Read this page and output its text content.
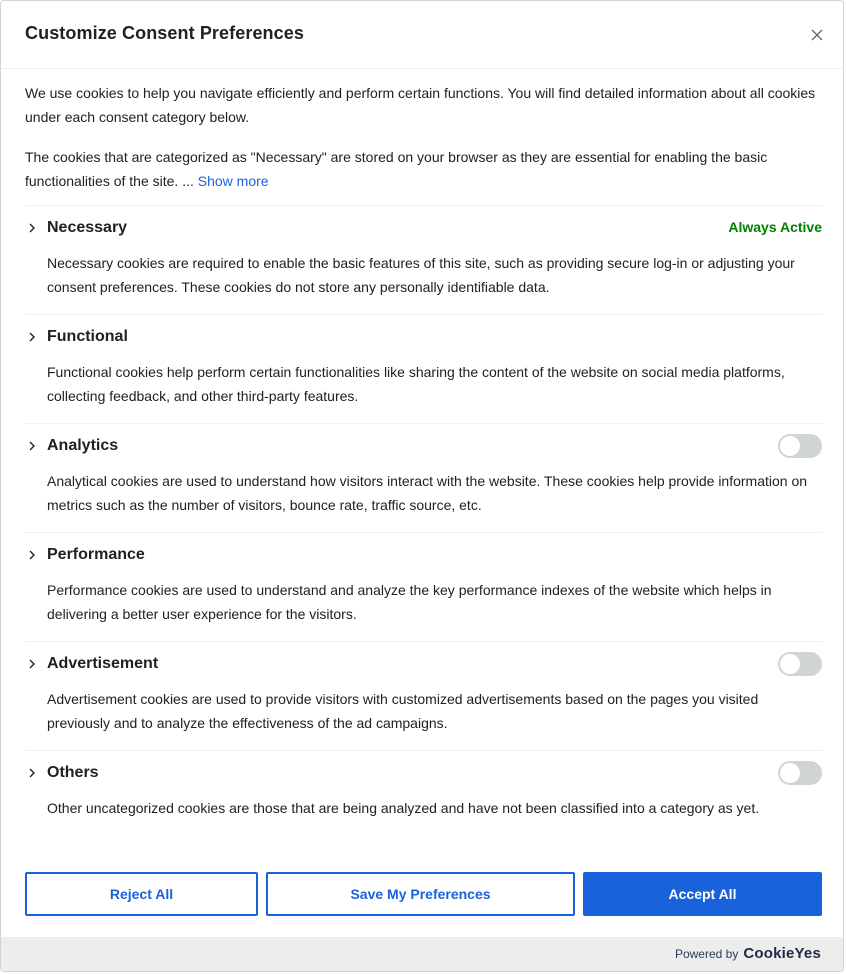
Customize Consent Preferences

We use cookies to help you navigate efficiently and perform certain functions. You will find detailed information about all cookies under each consent category below.

The cookies that are categorized as "Necessary" are stored on your browser as they are essential for enabling the basic functionalities of the site. ... Show more

Necessary	Always Active

Necessary cookies are required to enable the basic features of this site, such as providing secure log-in or adjusting your consent preferences. These cookies do not store any personally identifiable data.

Functional

Functional cookies help perform certain functionalities like sharing the content of the website on social media platforms, collecting feedback, and other third-party features.

Analytics

Analytical cookies are used to understand how visitors interact with the website. These cookies help provide information on metrics such as the number of visitors, bounce rate, traffic source, etc.

Performance

Performance cookies are used to understand and analyze the key performance indexes of the website which helps in delivering a better user experience for the visitors.

Advertisement

Advertisement cookies are used to provide visitors with customized advertisements based on the pages you visited previously and to analyze the effectiveness of the ad campaigns.

Others

Other uncategorized cookies are those that are being analyzed and have not been classified into a category as yet.

Reject All	Save My Preferences	Accept All
Powered by CookieYes
